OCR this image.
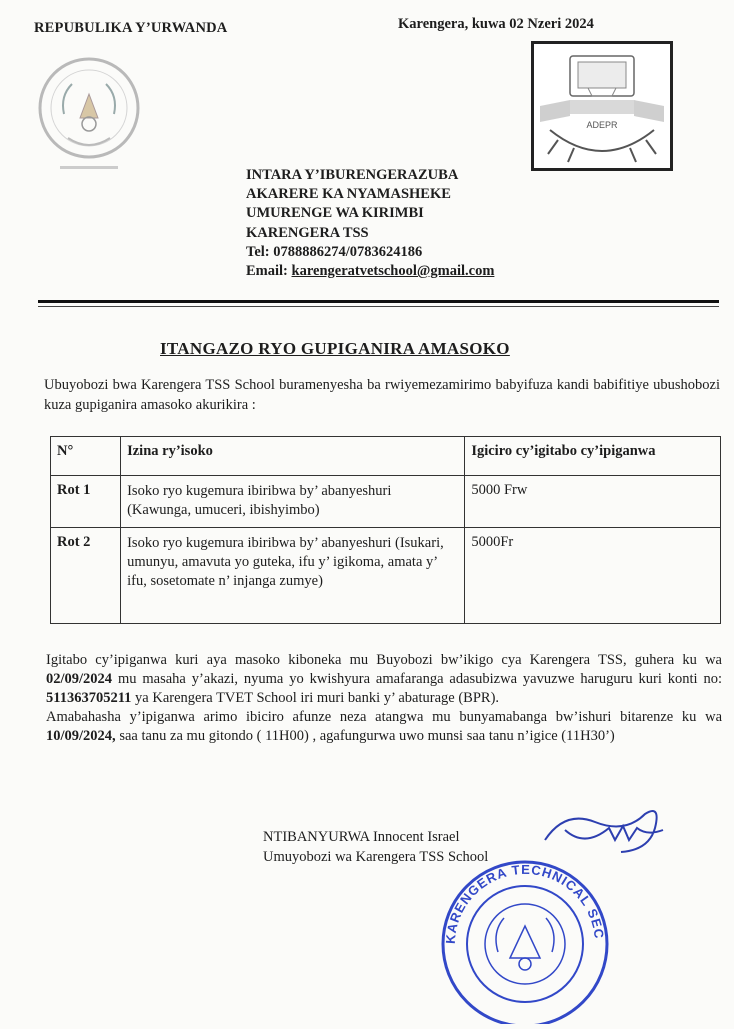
REPUBULIKA Y’URWANDA	Karengera, kuwa 02 Nzeri 2024
ADEPR
INTARA Y’IBURENGERAZUBA
AKARERE KA NYAMASHEKE
UMURENGE WA KIRIMBI
KARENGERA TSS
Tel: 0788886274/0783624186
Email: karengeratvetschool@gmail.com
ITANGAZO RYO GUPIGANIRA AMASOKO
Ubuyobozi bwa Karengera TSS School buramenyesha ba rwiyemezamirimo babyifuza kandi babifitiye ubushobozi kuza gupiganira amasoko akurikira :
N°	Izina ry’isoko	Igiciro cy’igitabo cy’ipiganwa
Rot 1	Isoko ryo kugemura ibiribwa by’ abanyeshuri (Kawunga, umuceri, ibishyimbo)	5000 Frw
Rot 2	Isoko ryo kugemura ibiribwa by’ abanyeshuri (Isukari, umunyu, amavuta yo guteka, ifu y’ igikoma, amata y’ ifu, sosetomate n’ injanga zumye)	5000Fr
Igitabo cy’ipiganwa kuri aya masoko kiboneka mu Buyobozi bw’ikigo cya Karengera TSS, guhera ku wa 02/09/2024 mu masaha y’akazi, nyuma yo kwishyura amafaranga adasubizwa yavuzwe haruguru kuri konti no: 511363705211 ya Karengera TVET School iri muri banki y’ abaturage (BPR).
Amabahasha y’ipiganwa arimo ibiciro afunze neza atangwa mu bunyamabanga bw’ishuri bitarenze ku wa 10/09/2024, saa tanu za mu gitondo ( 11H00) , agafungurwa uwo munsi saa tanu n’igice (11H30’)
NTIBANYURWA Innocent Israel
Umuyobozi wa Karengera TSS School
KARENGERA TECHNICAL SEC
